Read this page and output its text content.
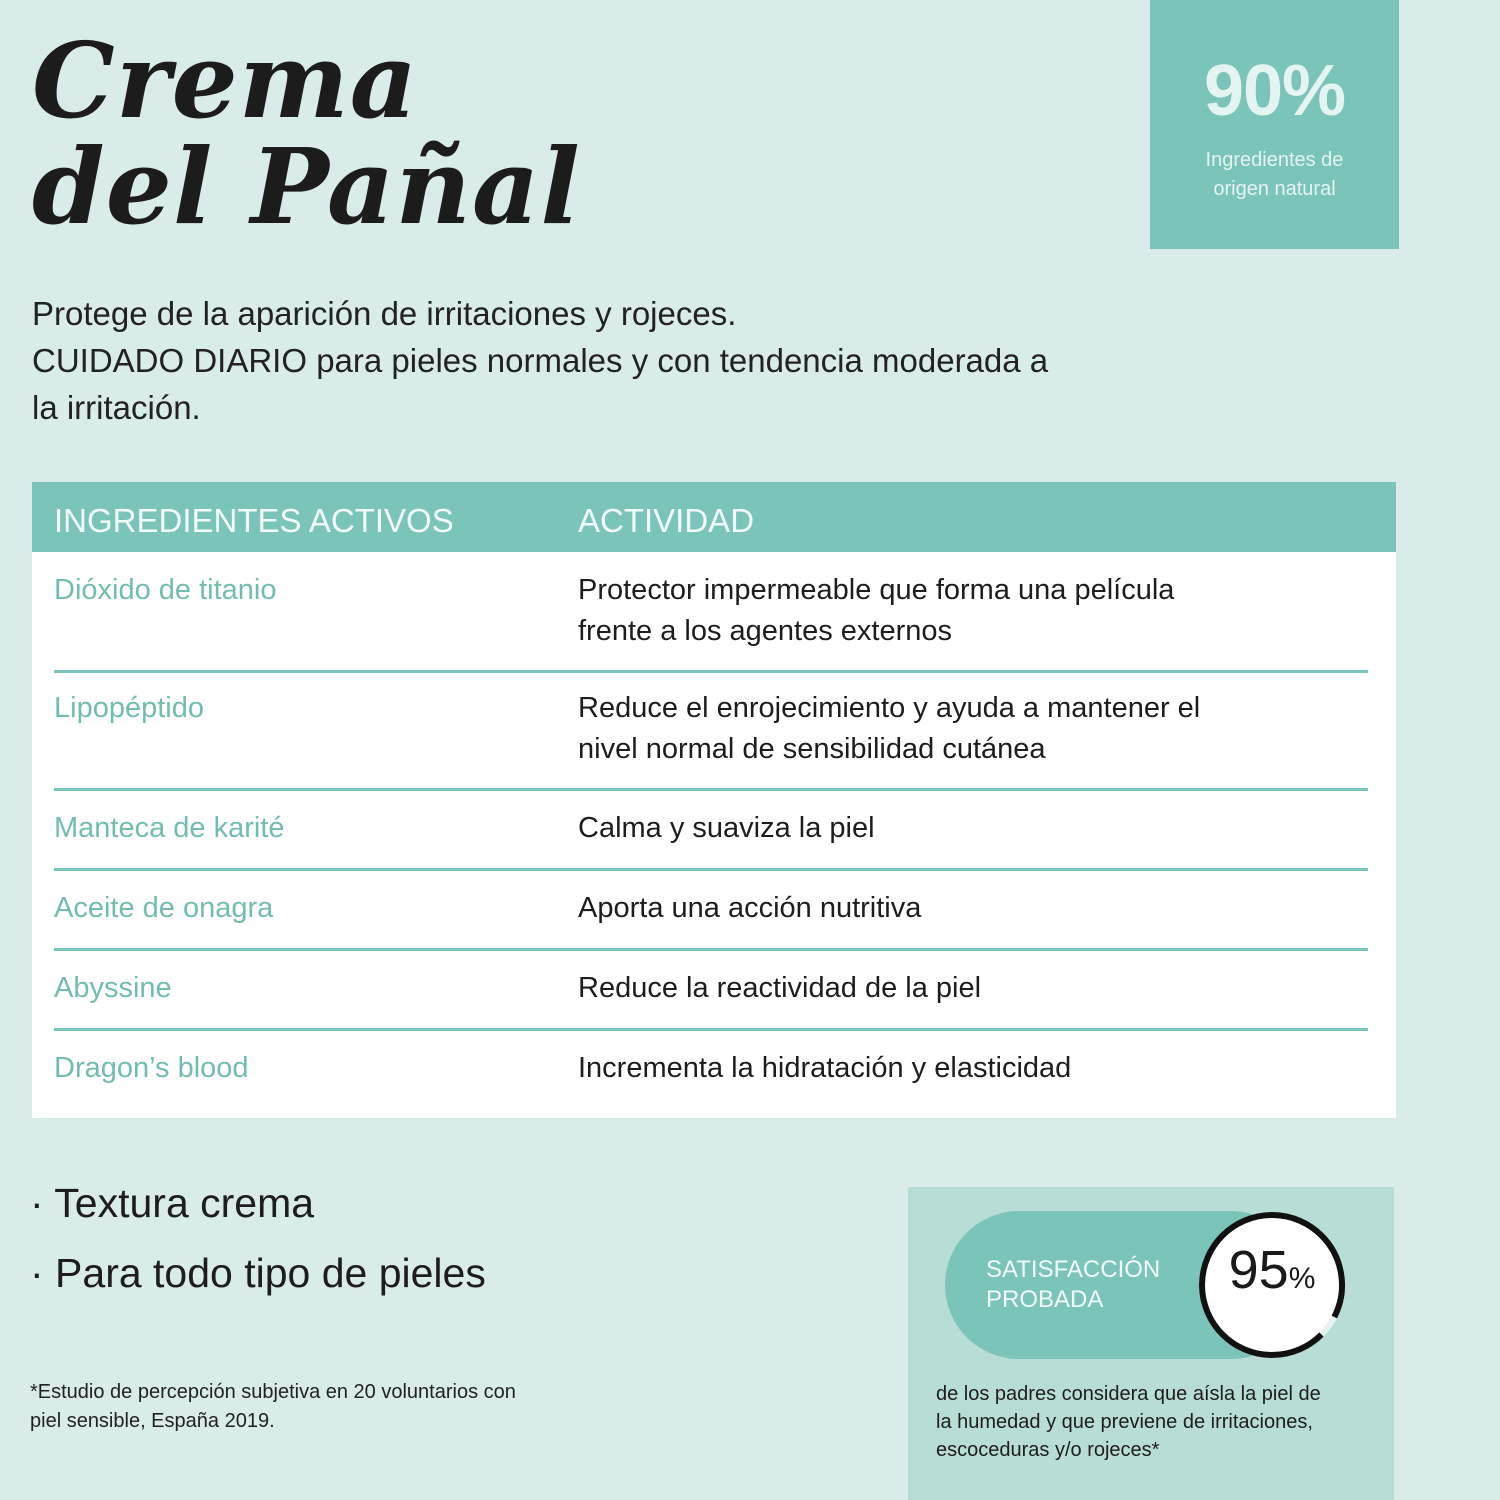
Crema
del Pañal
90%
Ingredientes de
origen natural
Protege de la aparición de irritaciones y rojeces.
CUIDADO DIARIO para pieles normales y con tendencia moderada a
la irritación.
INGREDIENTES ACTIVOS	ACTIVIDAD
Dióxido de titanio	Protector impermeable que forma una película
frente a los agentes externos
Lipopéptido	Reduce el enrojecimiento y ayuda a mantener el
nivel normal de sensibilidad cutánea
Manteca de karité	Calma y suaviza la piel
Aceite de onagra	Aporta una acción nutritiva
Abyssine	Reduce la reactividad de la piel
Dragon’s blood	Incrementa la hidratación y elasticidad
· Textura crema
· Para todo tipo de pieles
*Estudio de percepción subjetiva en 20 voluntarios con
piel sensible, España 2019.
SATISFACCIÓN
PROBADA	95%
de los padres considera que aísla la piel de
la humedad y que previene de irritaciones,
escoceduras y/o rojeces*
